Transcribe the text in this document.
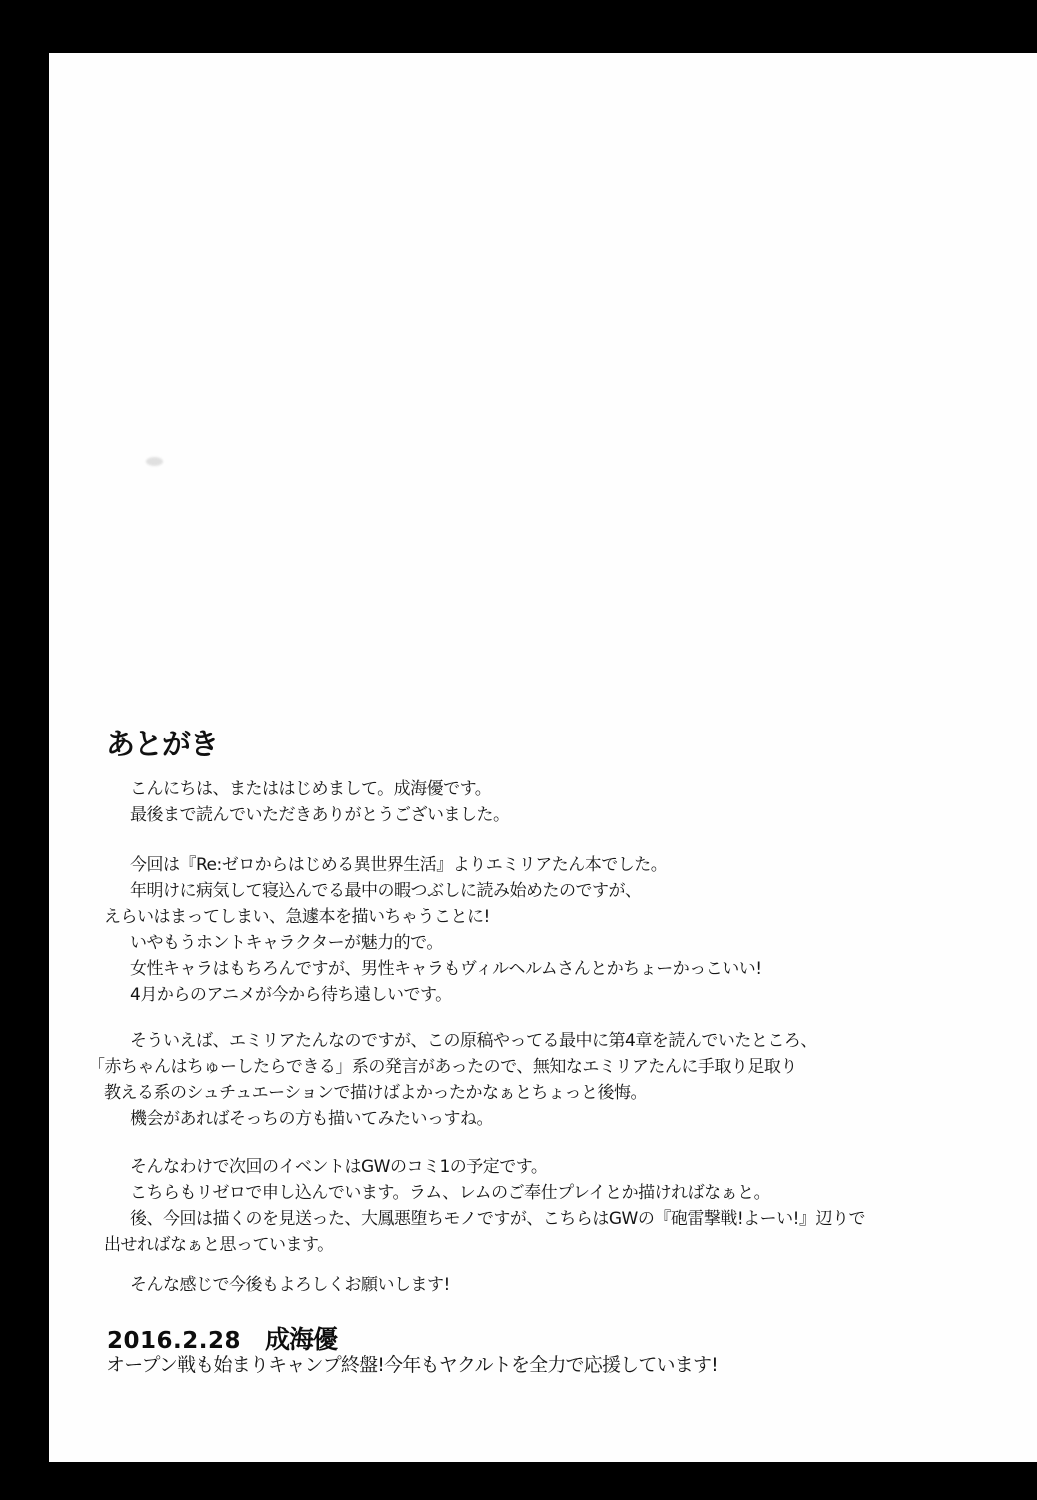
あとがき
こんにちは、またははじめまして。成海優です。
最後まで読んでいただきありがとうございました。
今回は『Re:ゼロからはじめる異世界生活』よりエミリアたん本でした。
年明けに病気して寝込んでる最中の暇つぶしに読み始めたのですが、
えらいはまってしまい、急遽本を描いちゃうことに!
いやもうホントキャラクターが魅力的で。
女性キャラはもちろんですが、男性キャラもヴィルヘルムさんとかちょーかっこいい!
4月からのアニメが今から待ち遠しいです。
そういえば、エミリアたんなのですが、この原稿やってる最中に第4章を読んでいたところ、
「赤ちゃんはちゅーしたらできる」系の発言があったので、無知なエミリアたんに手取り足取り
教える系のシュチュエーションで描けばよかったかなぁとちょっと後悔。
機会があればそっちの方も描いてみたいっすね。
そんなわけで次回のイベントはGWのコミ1の予定です。
こちらもリゼロで申し込んでいます。ラム、レムのご奉仕プレイとか描ければなぁと。
後、今回は描くのを見送った、大鳳悪堕ちモノですが、こちらはGWの『砲雷撃戦!よーい!』辺りで
出せればなぁと思っています。
そんな感じで今後もよろしくお願いします!
2016.2.28 成海優
オープン戦も始まりキャンプ終盤!今年もヤクルトを全力で応援しています!
